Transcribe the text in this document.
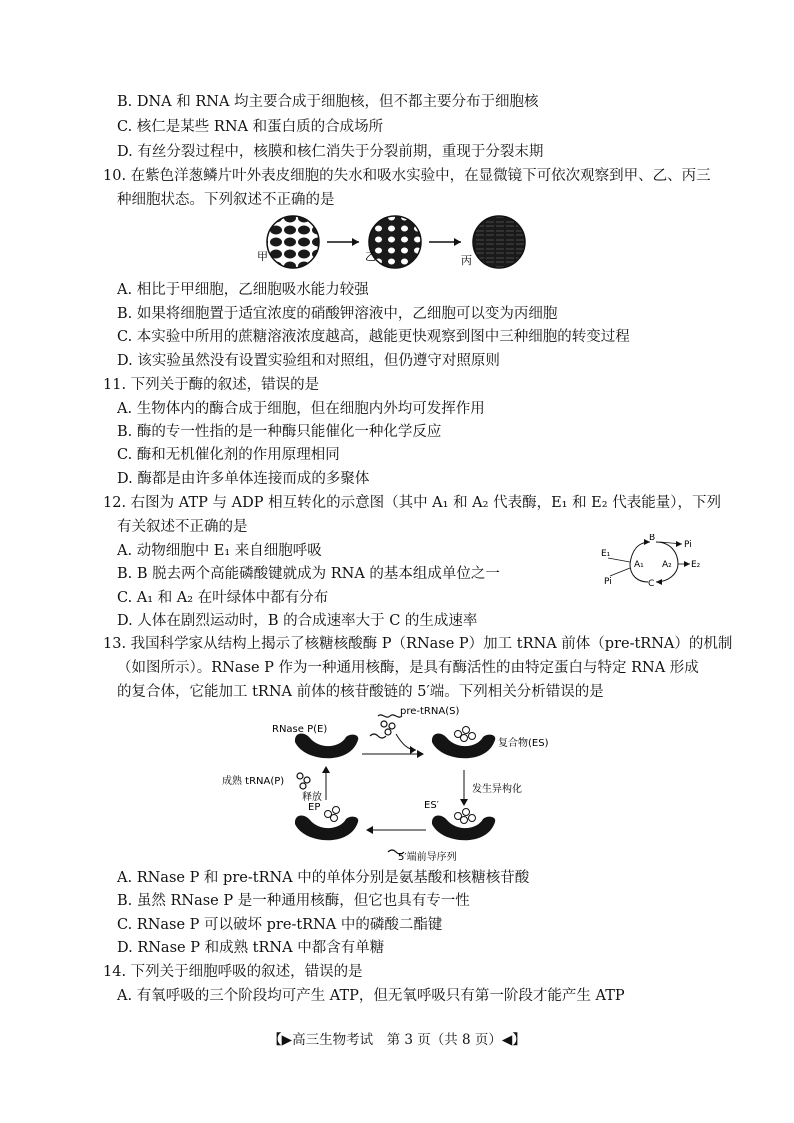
B. DNA 和 RNA 均主要合成于细胞核，但不都主要分布于细胞核
C. 核仁是某些 RNA 和蛋白质的合成场所
D. 有丝分裂过程中，核膜和核仁消失于分裂前期，重现于分裂末期
10. 在紫色洋葱鳞片叶外表皮细胞的失水和吸水实验中，在显微镜下可依次观察到甲、乙、丙三
种细胞状态。下列叙述不正确的是
甲	乙	丙
A. 相比于甲细胞，乙细胞吸水能力较强
B. 如果将细胞置于适宜浓度的硝酸钾溶液中，乙细胞可以变为丙细胞
C. 本实验中所用的蔗糖溶液浓度越高，越能更快观察到图中三种细胞的转变过程
D. 该实验虽然没有设置实验组和对照组，但仍遵守对照原则
11. 下列关于酶的叙述，错误的是
A. 生物体内的酶合成于细胞，但在细胞内外均可发挥作用
B. 酶的专一性指的是一种酶只能催化一种化学反应
C. 酶和无机催化剂的作用原理相同
D. 酶都是由许多单体连接而成的多聚体
12. 右图为 ATP 与 ADP 相互转化的示意图（其中 A₁ 和 A₂ 代表酶，E₁ 和 E₂ 代表能量），下列
有关叙述不正确的是
A. 动物细胞中 E₁ 来自细胞呼吸
B. B 脱去两个高能磷酸键就成为 RNA 的基本组成单位之一
C. A₁ 和 A₂ 在叶绿体中都有分布
D. 人体在剧烈运动时，B 的合成速率大于 C 的生成速率
E₁
B
Pi
A₁ A₂ E₂
C
Pi
13. 我国科学家从结构上揭示了核糖核酸酶 P（RNase P）加工 tRNA 前体（pre-tRNA）的机制
（如图所示）。RNase P 作为一种通用核酶，是具有酶活性的由特定蛋白与特定 RNA 形成
的复合体，它能加工 tRNA 前体的核苷酸链的 5′端。下列相关分析错误的是
RNase P(E)
pre-tRNA(S)
复合物(ES)
发生异构化
ES′
5′端前导序列
EP
成熟 tRNA(P)
释放
A. RNase P 和 pre-tRNA 中的单体分别是氨基酸和核糖核苷酸
B. 虽然 RNase P 是一种通用核酶，但它也具有专一性
C. RNase P 可以破坏 pre-tRNA 中的磷酸二酯键
D. RNase P 和成熟 tRNA 中都含有单糖
14. 下列关于细胞呼吸的叙述，错误的是
A. 有氧呼吸的三个阶段均可产生 ATP，但无氧呼吸只有第一阶段才能产生 ATP
【▶高三生物考试　第 3 页（共 8 页）◀】
